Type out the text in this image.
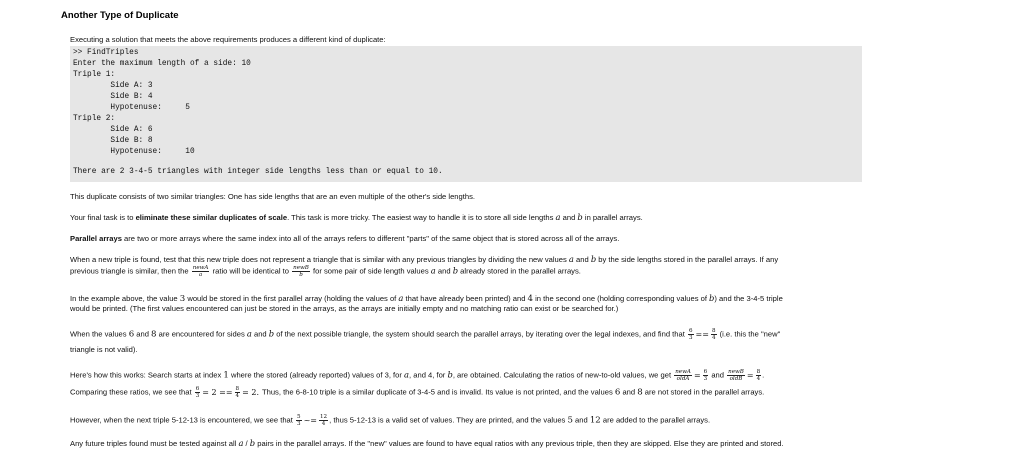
Another Type of Duplicate
Executing a solution that meets the above requirements produces a different kind of duplicate:
>> FindTriples
Enter the maximum length of a side: 10
Triple 1:
Side A: 3
Side B: 4
Hypotenuse:     5
Triple 2:
Side A: 6
Side B: 8
Hypotenuse:     10
There are 2 3-4-5 triangles with integer side lengths less than or equal to 10.
This duplicate consists of two similar triangles: One has side lengths that are an even multiple of the other's side lengths.
Your final task is to eliminate these similar duplicates of scale. This task is more tricky. The easiest way to handle it is to store all side lengths a and b in parallel arrays.
Parallel arrays are two or more arrays where the same index into all of the arrays refers to different "parts" of the same object that is stored across all of the arrays.
When a new triple is found, test that this new triple does not represent a triangle that is similar with any previous triangles by dividing the new values a and b by the side lengths stored in the parallel arrays. If any
previous triangle is similar, then the $\frac{\text{newA}}{a}$ ratio will be identical to $\frac{\text{newB}}{b}$ for some pair of side length values a and b already stored in the parallel arrays.
In the example above, the value 3 would be stored in the first parallel array (holding the values of a that have already been printed) and 4 in the second one (holding corresponding values of b) and the 3-4-5 triple
would be printed. (The first values encountered can just be stored in the arrays, as the arrays are initially empty and no matching ratio can exist or be searched for.)
When the values 6 and 8 are encountered for sides a and b of the next possible triangle, the system should search the parallel arrays, by iterating over the legal indexes, and find that $\frac{6}{3} == \frac{8}{4} (i.e$. this the "new"
triangle is not valid).
Here's how this works: Search starts at index 1 where the stored (already reported) values of 3, for a, and 4, for b, are obtained. Calculating the ratios of new-to-old values, we get $\frac{\text{newA}}{\text{oldA}} = \frac{6}{3}$ and $\frac{\text{newB}}{\text{oldB}} = \frac{8}{4}$ .
Comparing these ratios, we see that $\frac{6}{3} = 2 == \frac{8}{4} = 2$. Thus, the 6-8-10 triple is a similar duplicate of 3-4-5 and is invalid. Its value is not printed, and the values 6 and 8 are not stored in the parallel arrays.
However, when the next triple 5-12-13 is encountered, we see that $\frac{5}{3}$ ~= $\frac{12}{4}$ , thus 5-12-13 is a valid set of values. They are printed, and the values 5 and 12 are added to the parallel arrays.
Any future triples found must be tested against all a / b pairs in the parallel arrays. If the "new" values are found to have equal ratios with any previous triple, then they are skipped. Else they are printed and stored.
